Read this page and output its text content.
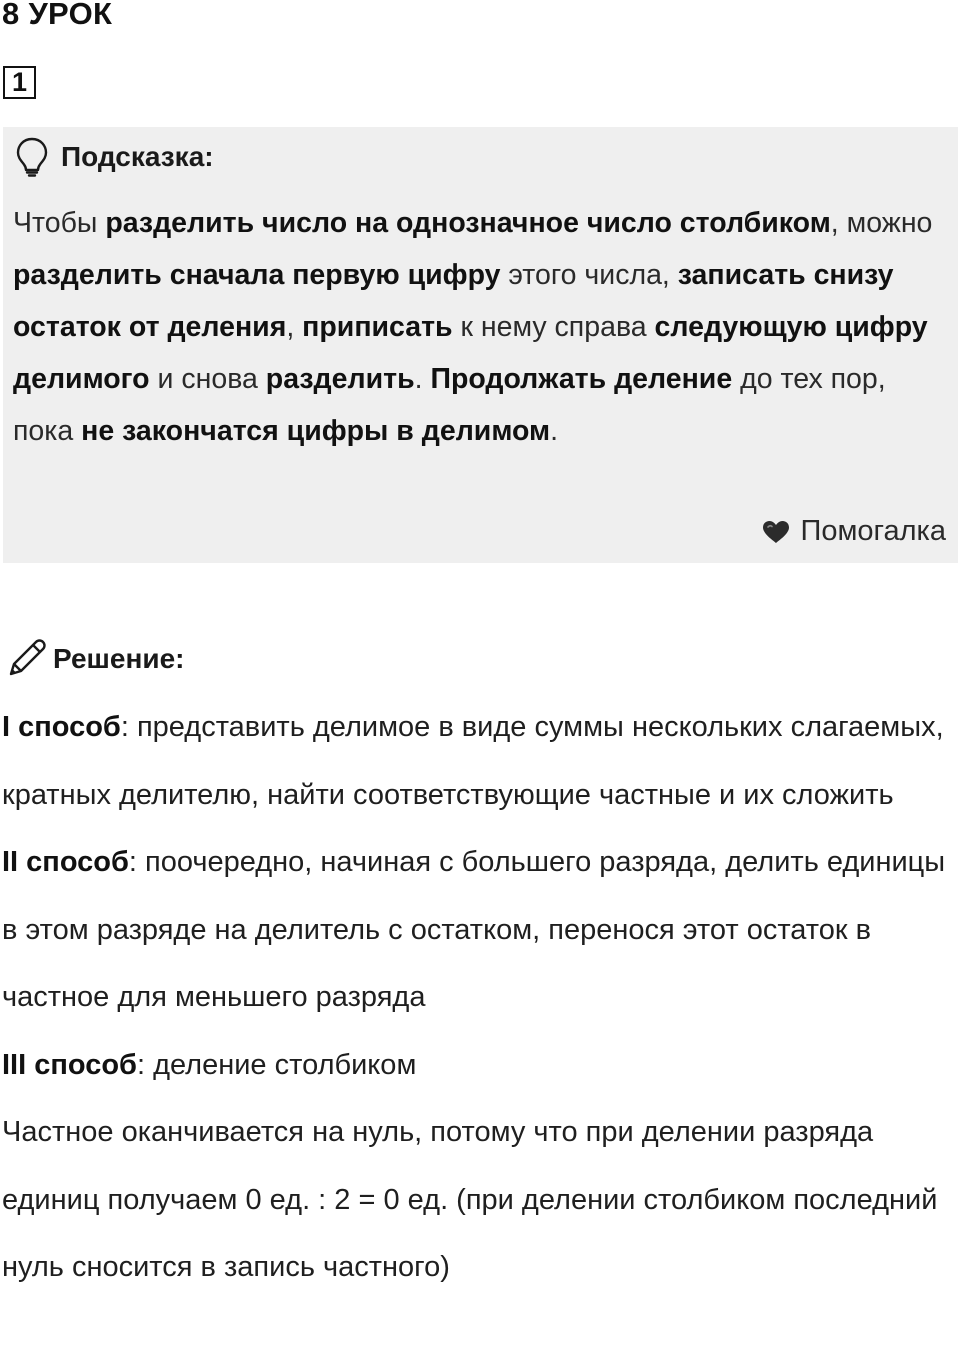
8 УРОК
1
Подсказка:
Чтобы разделить число на однозначное число столбиком, можно разделить сначала первую цифру этого числа, записать снизу остаток от деления, приписать к нему справа следующую цифру делимого и снова разделить. Продолжать деление до тех пор, пока не закончатся цифры в делимом.
Помогалка
Решение:

I способ: представить делимое в виде суммы нескольких слагаемых, кратных делителю, найти соответствующие частные и их сложить

II способ: поочередно, начиная с большего разряда, делить единицы в этом разряде на делитель с остатком, перенося этот остаток в частное для меньшего разряда

III способ: деление столбиком

Частное оканчивается на нуль, потому что при делении разряда единиц получаем 0 ед. : 2 = 0 ед. (при делении столбиком последний нуль сносится в запись частного)
